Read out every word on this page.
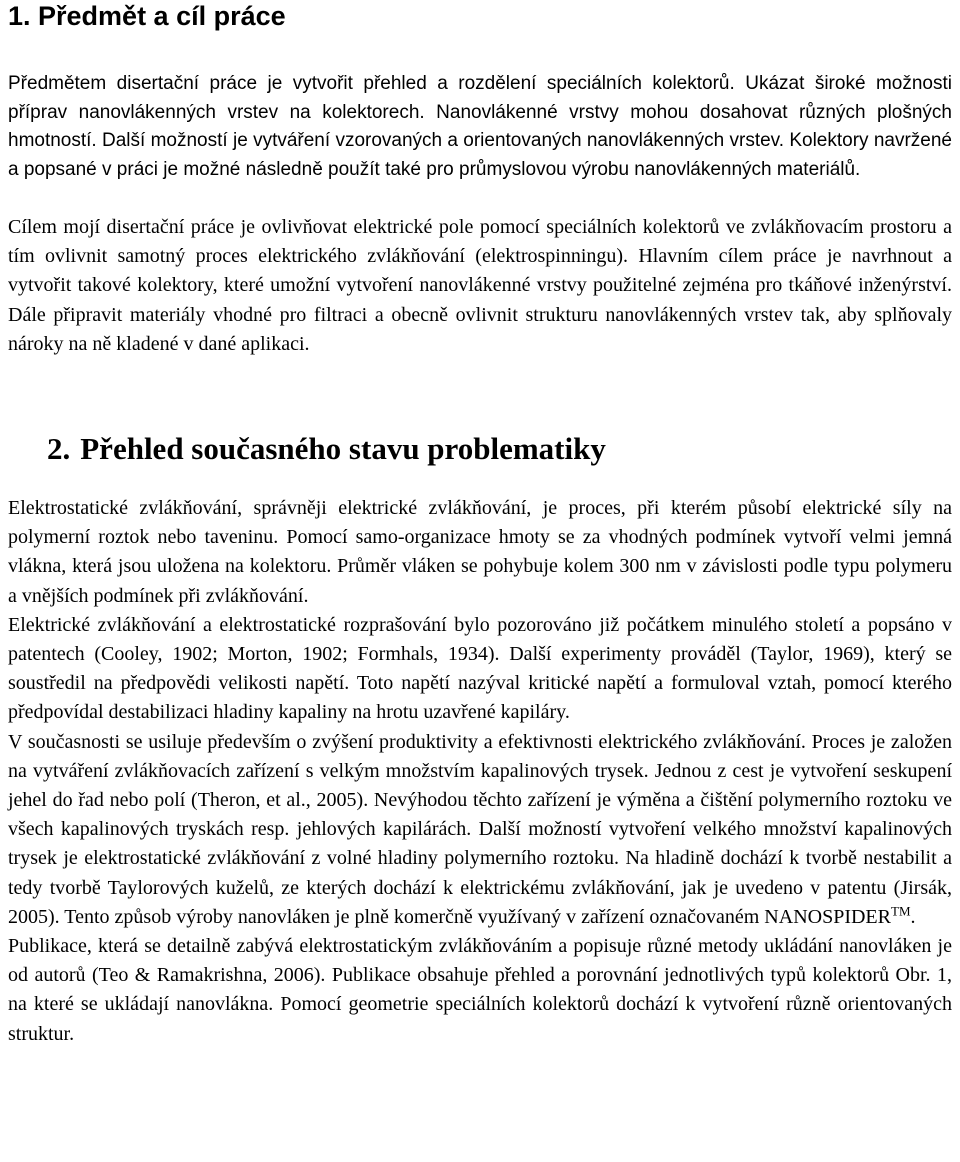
1. Předmět a cíl práce

Předmětem disertační práce je vytvořit přehled a rozdělení speciálních kolektorů. Ukázat široké možnosti příprav nanovlákenných vrstev na kolektorech. Nanovlákenné vrstvy mohou dosahovat různých plošných hmotností. Další možností je vytváření vzorovaných a orientovaných nanovlákenných vrstev. Kolektory navržené a popsané v práci je možné následně použít také pro průmyslovou výrobu nanovlákenných materiálů.

Cílem mojí disertační práce je ovlivňovat elektrické pole pomocí speciálních kolektorů ve zvlákňovacím prostoru a tím ovlivnit samotný proces elektrického zvlákňování (elektrospinningu). Hlavním cílem práce je navrhnout a vytvořit takové kolektory, které umožní vytvoření nanovlákenné vrstvy použitelné zejména pro tkáňové inženýrství. Dále připravit materiály vhodné pro filtraci a obecně ovlivnit strukturu nanovlákenných vrstev tak, aby splňovaly nároky na ně kladené v dané aplikaci.

2. Přehled současného stavu problematiky

Elektrostatické zvlákňování, správněji elektrické zvlákňování, je proces, při kterém působí elektrické síly na polymerní roztok nebo taveninu. Pomocí samo-organizace hmoty se za vhodných podmínek vytvoří velmi jemná vlákna, která jsou uložena na kolektoru. Průměr vláken se pohybuje kolem 300 nm v závislosti podle typu polymeru a vnějších podmínek při zvlákňování.

Elektrické zvlákňování a elektrostatické rozprašování bylo pozorováno již počátkem minulého století a popsáno v patentech (Cooley, 1902; Morton, 1902; Formhals, 1934). Další experimenty prováděl (Taylor, 1969), který se soustředil na předpovědi velikosti napětí. Toto napětí nazýval kritické napětí a formuloval vztah, pomocí kterého předpovídal destabilizaci hladiny kapaliny na hrotu uzavřené kapiláry.

V současnosti se usiluje především o zvýšení produktivity a efektivnosti elektrického zvlákňování. Proces je založen na vytváření zvlákňovacích zařízení s velkým množstvím kapalinových trysek. Jednou z cest je vytvoření seskupení jehel do řad nebo polí (Theron, et al., 2005). Nevýhodou těchto zařízení je výměna a čištění polymerního roztoku ve všech kapalinových tryskách resp. jehlových kapilárách. Další možností vytvoření velkého množství kapalinových trysek je elektrostatické zvlákňování z volné hladiny polymerního roztoku. Na hladině dochází k tvorbě nestabilit a tedy tvorbě Taylorových kuželů, ze kterých dochází k elektrickému zvlákňování, jak je uvedeno v patentu (Jirsák, 2005). Tento způsob výroby nanovláken je plně komerčně využívaný v zařízení označovaném NANOSPIDER™.

Publikace, která se detailně zabývá elektrostatickým zvlákňováním a popisuje různé metody ukládání nanovláken je od autorů (Teo & Ramakrishna, 2006). Publikace obsahuje přehled a porovnání jednotlivých typů kolektorů Obr. 1, na které se ukládají nanovlákna. Pomocí geometrie speciálních kolektorů dochází k vytvoření různě orientovaných struktur.
